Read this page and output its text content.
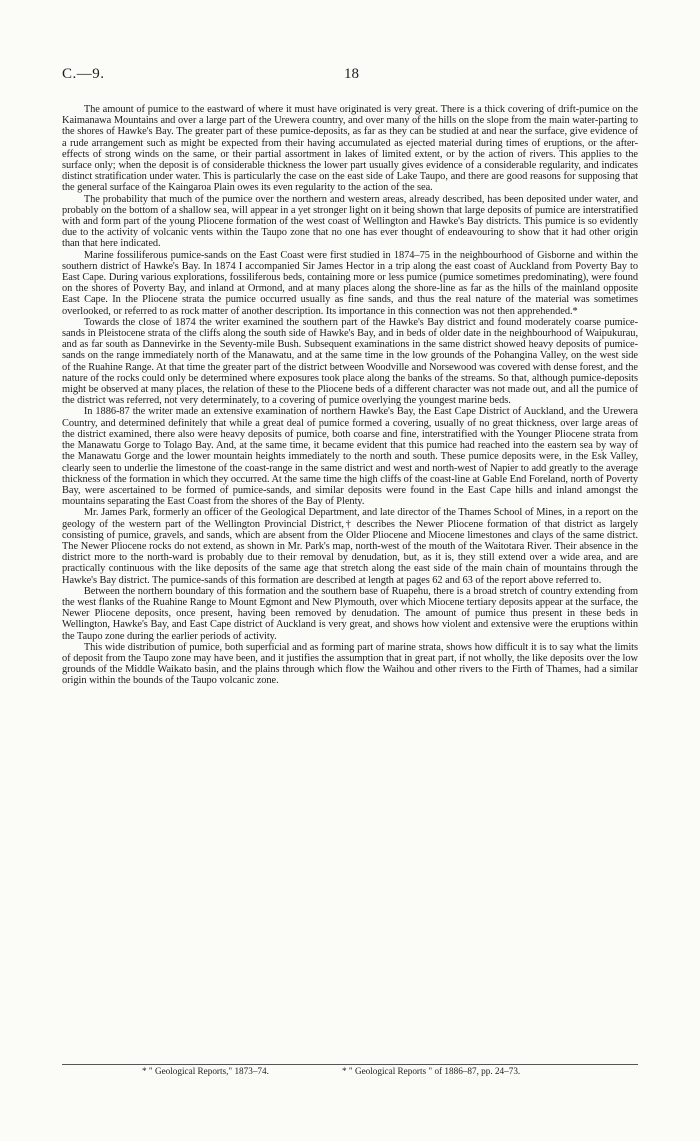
C.—9.	18

The amount of pumice to the eastward of where it must have originated is very great. There is a thick covering of drift-pumice on the Kaimanawa Mountains and over a large part of the Urewera country, and over many of the hills on the slope from the main water-parting to the shores of Hawke's Bay. The greater part of these pumice-deposits, as far as they can be studied at and near the surface, give evidence of a rude arrangement such as might be expected from their having accumulated as ejected material during times of eruptions, or the after-effects of strong winds on the same, or their partial assortment in lakes of limited extent, or by the action of rivers. This applies to the surface only; when the deposit is of considerable thickness the lower part usually gives evidence of a considerable regularity, and indicates distinct stratification under water. This is particularly the case on the east side of Lake Taupo, and there are good reasons for supposing that the general surface of the Kaingaroa Plain owes its even regularity to the action of the sea.

The probability that much of the pumice over the northern and western areas, already described, has been deposited under water, and probably on the bottom of a shallow sea, will appear in a yet stronger light on it being shown that large deposits of pumice are interstratified with and form part of the young Pliocene formation of the west coast of Wellington and Hawke's Bay districts. This pumice is so evidently due to the activity of volcanic vents within the Taupo zone that no one has ever thought of endeavouring to show that it had other origin than that here indicated.

Marine fossiliferous pumice-sands on the East Coast were first studied in 1874–75 in the neighbourhood of Gisborne and within the southern district of Hawke's Bay. In 1874 I accompanied Sir James Hector in a trip along the east coast of Auckland from Poverty Bay to East Cape. During various explorations, fossiliferous beds, containing more or less pumice (pumice sometimes predominating), were found on the shores of Poverty Bay, and inland at Ormond, and at many places along the shore-line as far as the hills of the mainland opposite East Cape. In the Pliocene strata the pumice occurred usually as fine sands, and thus the real nature of the material was sometimes overlooked, or referred to as rock matter of another description. Its importance in this connection was not then apprehended.*

Towards the close of 1874 the writer examined the southern part of the Hawke's Bay district and found moderately coarse pumice-sands in Pleistocene strata of the cliffs along the south side of Hawke's Bay, and in beds of older date in the neighbourhood of Waipukurau, and as far south as Dannevirke in the Seventy-mile Bush. Subsequent examinations in the same district showed heavy deposits of pumice-sands on the range immediately north of the Manawatu, and at the same time in the low grounds of the Pohangina Valley, on the west side of the Ruahine Range. At that time the greater part of the district between Woodville and Norsewood was covered with dense forest, and the nature of the rocks could only be determined where exposures took place along the banks of the streams. So that, although pumice-deposits might be observed at many places, the relation of these to the Pliocene beds of a different character was not made out, and all the pumice of the district was referred, not very determinately, to a covering of pumice overlying the youngest marine beds.

In 1886-87 the writer made an extensive examination of northern Hawke's Bay, the East Cape District of Auckland, and the Urewera Country, and determined definitely that while a great deal of pumice formed a covering, usually of no great thickness, over large areas of the district examined, there also were heavy deposits of pumice, both coarse and fine, interstratified with the Younger Pliocene strata from the Manawatu Gorge to Tolago Bay. And, at the same time, it became evident that this pumice had reached into the eastern sea by way of the Manawatu Gorge and the lower mountain heights immediately to the north and south. These pumice deposits were, in the Esk Valley, clearly seen to underlie the limestone of the coast-range in the same district and west and north-west of Napier to add greatly to the average thickness of the formation in which they occurred. At the same time the high cliffs of the coast-line at Gable End Foreland, north of Poverty Bay, were ascertained to be formed of pumice-sands, and similar deposits were found in the East Cape hills and inland amongst the mountains separating the East Coast from the shores of the Bay of Plenty.

Mr. James Park, formerly an officer of the Geological Department, and late director of the Thames School of Mines, in a report on the geology of the western part of the Wellington Provincial District,† describes the Newer Pliocene formation of that district as largely consisting of pumice, gravels, and sands, which are absent from the Older Pliocene and Miocene limestones and clays of the same district. The Newer Pliocene rocks do not extend, as shown in Mr. Park's map, north-west of the mouth of the Waitotara River. Their absence in the district more to the north-ward is probably due to their removal by denudation, but, as it is, they still extend over a wide area, and are practically continuous with the like deposits of the same age that stretch along the east side of the main chain of mountains through the Hawke's Bay district. The pumice-sands of this formation are described at length at pages 62 and 63 of the report above referred to.

Between the northern boundary of this formation and the southern base of Ruapehu, there is a broad stretch of country extending from the west flanks of the Ruahine Range to Mount Egmont and New Plymouth, over which Miocene tertiary deposits appear at the surface, the Newer Pliocene deposits, once present, having been removed by denudation. The amount of pumice thus present in these beds in Wellington, Hawke's Bay, and East Cape district of Auckland is very great, and shows how violent and extensive were the eruptions within the Taupo zone during the earlier periods of activity.

This wide distribution of pumice, both superficial and as forming part of marine strata, shows how difficult it is to say what the limits of deposit from the Taupo zone may have been, and it justifies the assumption that in great part, if not wholly, the like deposits over the low grounds of the Middle Waikato basin, and the plains through which flow the Waihou and other rivers to the Firth of Thames, had a similar origin within the bounds of the Taupo volcanic zone.

* " Geological Reports," 1873–74.	* " Geological Reports " of 1886–87, pp. 24–73.
